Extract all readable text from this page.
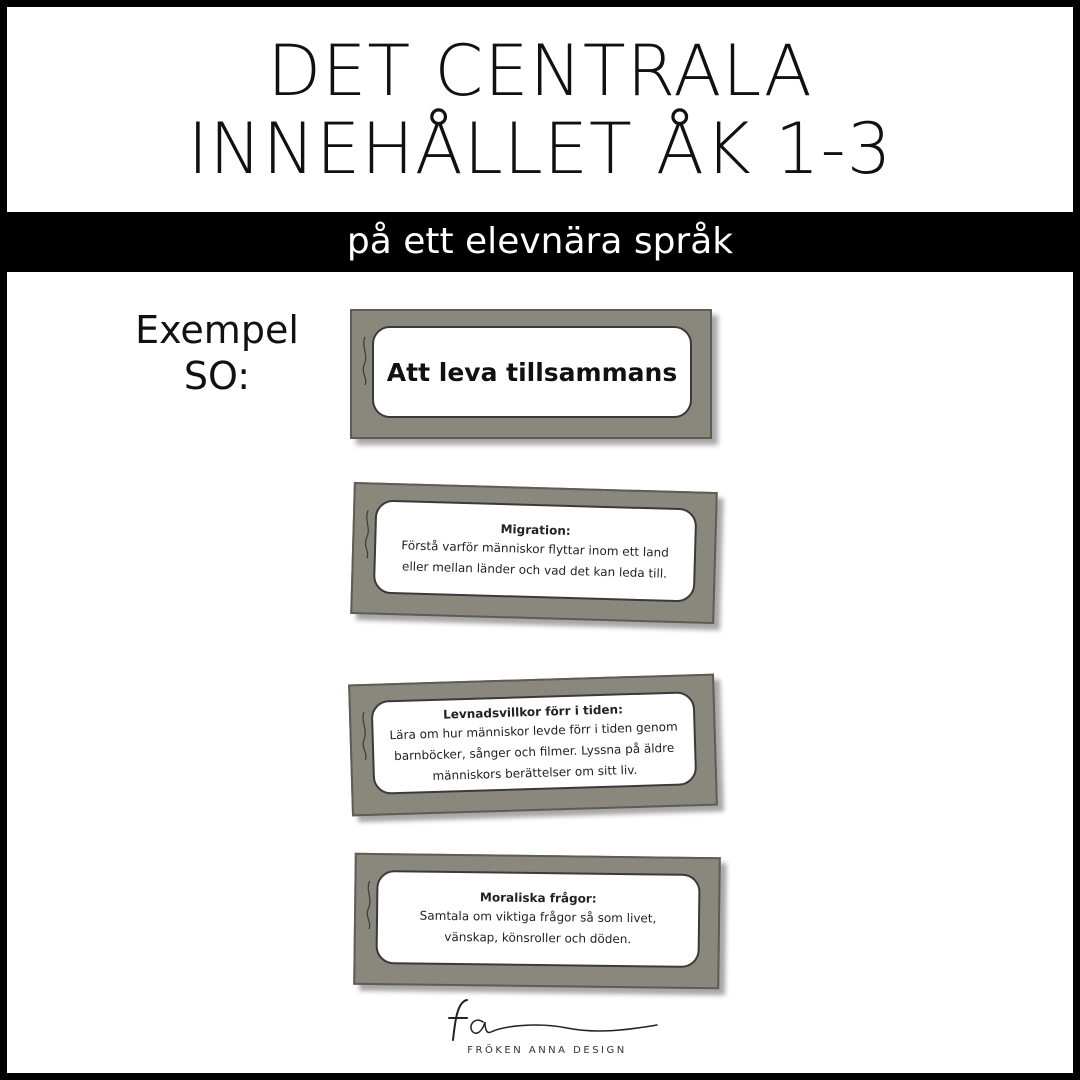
DET CENTRALA
INNEHÅLLET ÅK 1-3
på ett elevnära språk
Exempel
SO:	Att leva tillsammans
Migration:
Förstå varför människor flyttar inom ett land
eller mellan länder och vad det kan leda till.
Levnadsvillkor förr i tiden:
Lära om hur människor levde förr i tiden genom
barnböcker, sånger och filmer. Lyssna på äldre
människors berättelser om sitt liv.
Moraliska frågor:
Samtala om viktiga frågor så som livet,
vänskap, könsroller och döden.
FRÖKEN ANNA DESIGN
